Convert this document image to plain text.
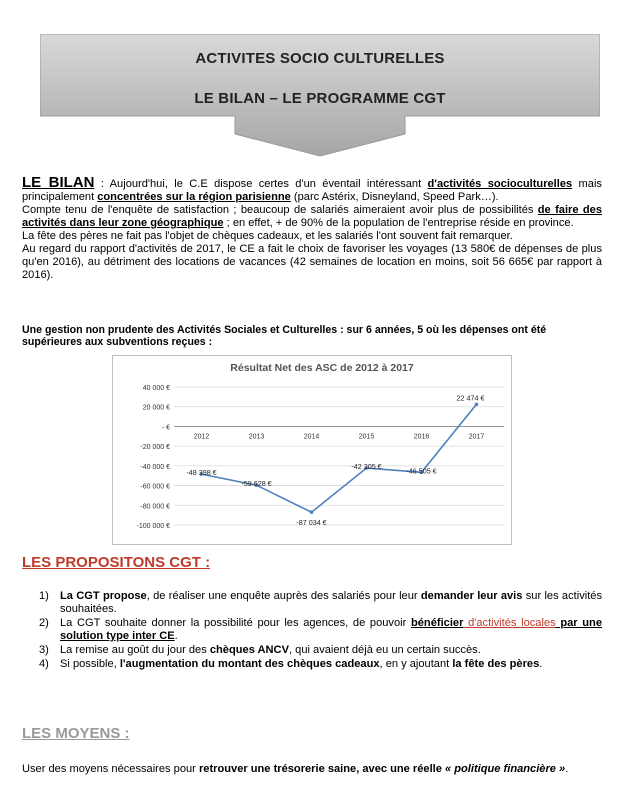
ACTIVITES SOCIO CULTURELLES
LE BILAN – LE PROGRAMME CGT

LE BILAN : Aujourd'hui, le C.E dispose certes d'un éventail intéressant d'activités socioculturelles mais principalement concentrées sur la région parisienne (parc Astérix, Disneyland, Speed Park…).

Compte tenu de l'enquête de satisfaction ; beaucoup de salariés aimeraient avoir plus de possibilités de faire des activités dans leur zone géographique ; en effet, + de 90% de la population de l'entreprise réside en province.

La fête des pères ne fait pas l'objet de chèques cadeaux, et les salariés l'ont souvent fait remarquer.

Au regard du rapport d'activités de 2017, le CE a fait le choix de favoriser les voyages (13 580€ de dépenses de plus qu'en 2016), au détriment des locations de vacances (42 semaines de location en moins, soit 56 665€ par rapport à 2016).

Une gestion non prudente des Activités Sociales et Culturelles : sur 6 années, 5 où les dépenses ont été supérieures aux subventions reçues :
Résultat Net des ASC de 2012 à 2017
40 000 €
20 000 €
- €
-20 000 €
-40 000 €
-60 000 €
-80 000 €
-100 000 €
2012	2013	2014	2015	2016	2017
-48 398 €
-59 628 €
-87 034 €
-42 205 €	-46 505 €
22 474 €
LES PROPOSITONS CGT :
1) La CGT propose, de réaliser une enquête auprès des salariés pour leur demander leur avis sur les activités souhaitées.
2) La CGT souhaite donner la possibilité pour les agences, de pouvoir bénéficier d'activités locales par une solution type inter CE.
3) La remise au goût du jour des chèques ANCV, qui avaient déjà eu un certain succès.
4) Si possible, l'augmentation du montant des chèques cadeaux, en y ajoutant la fête des pères.
LES MOYENS :
User des moyens nécessaires pour retrouver une trésorerie saine, avec une réelle « politique financière ».
